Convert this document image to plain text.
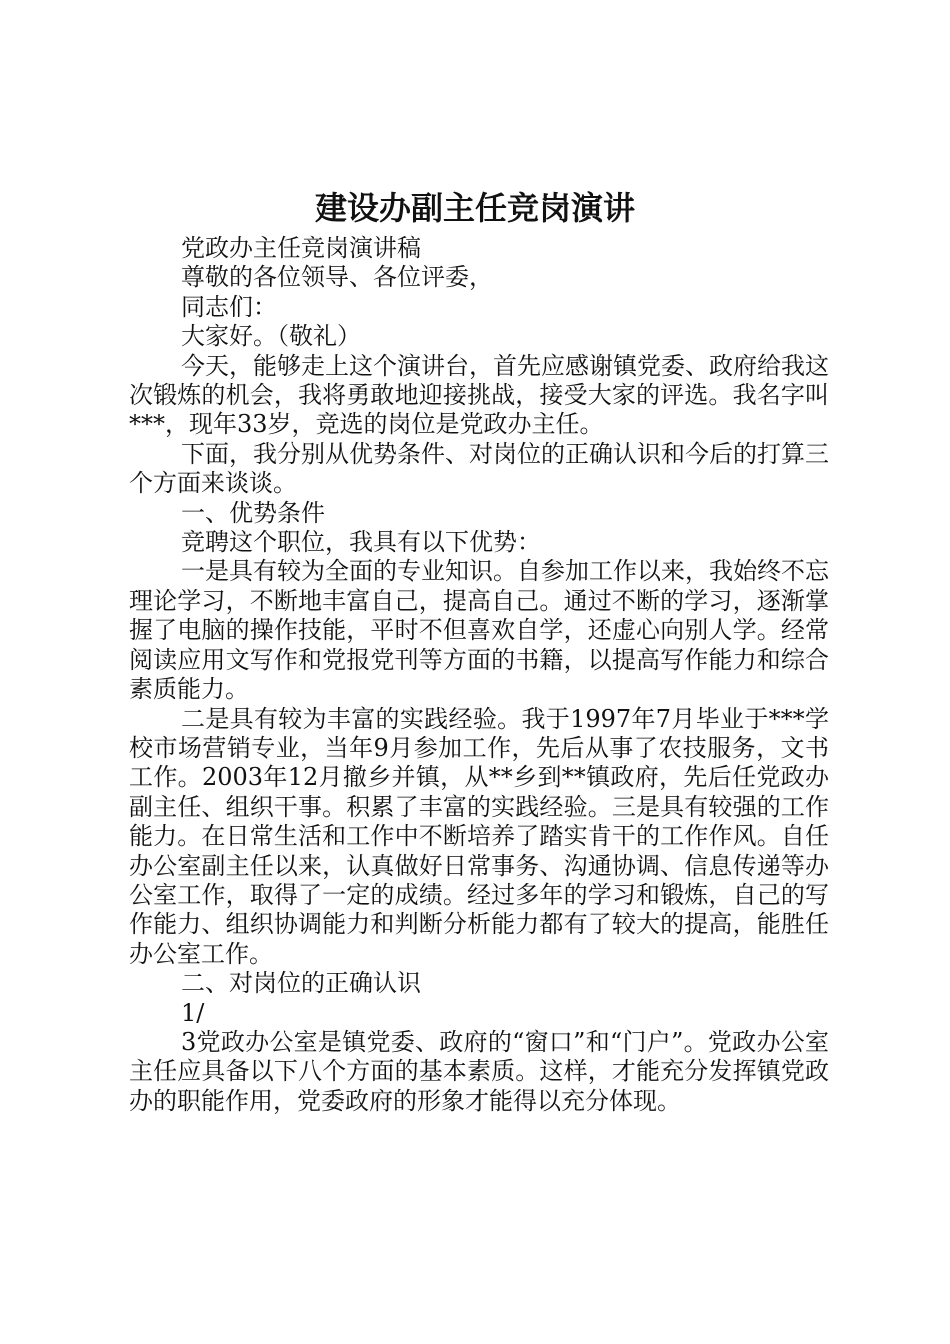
建设办副主任竞岗演讲

党政办主任竞岗演讲稿

尊敬的各位领导、各位评委，

同志们：

大家好。（敬礼）

今天，能够走上这个演讲台，首先应感谢镇党委、政府给我这次锻炼的机会，我将勇敢地迎接挑战，接受大家的评选。我名字叫***，现年33岁，竞选的岗位是党政办主任。

下面，我分别从优势条件、对岗位的正确认识和今后的打算三个方面来谈谈。

一、优势条件

竞聘这个职位，我具有以下优势：

一是具有较为全面的专业知识。自参加工作以来，我始终不忘理论学习，不断地丰富自己，提高自己。通过不断的学习，逐渐掌握了电脑的操作技能，平时不但喜欢自学，还虚心向别人学。经常阅读应用文写作和党报党刊等方面的书籍，以提高写作能力和综合素质能力。

二是具有较为丰富的实践经验。我于1997年7月毕业于***学校市场营销专业，当年9月参加工作，先后从事了农技服务，文书工作。2003年12月撤乡并镇，从**乡到**镇政府，先后任党政办副主任、组织干事。积累了丰富的实践经验。三是具有较强的工作能力。在日常生活和工作中不断培养了踏实肯干的工作作风。自任办公室副主任以来，认真做好日常事务、沟通协调、信息传递等办公室工作，取得了一定的成绩。经过多年的学习和锻炼，自己的写作能力、组织协调能力和判断分析能力都有了较大的提高，能胜任办公室工作。

二、对岗位的正确认识

1/

3党政办公室是镇党委、政府的“窗口”和“门户”。党政办公室主任应具备以下八个方面的基本素质。这样，才能充分发挥镇党政办的职能作用，党委政府的形象才能得以充分体现。
